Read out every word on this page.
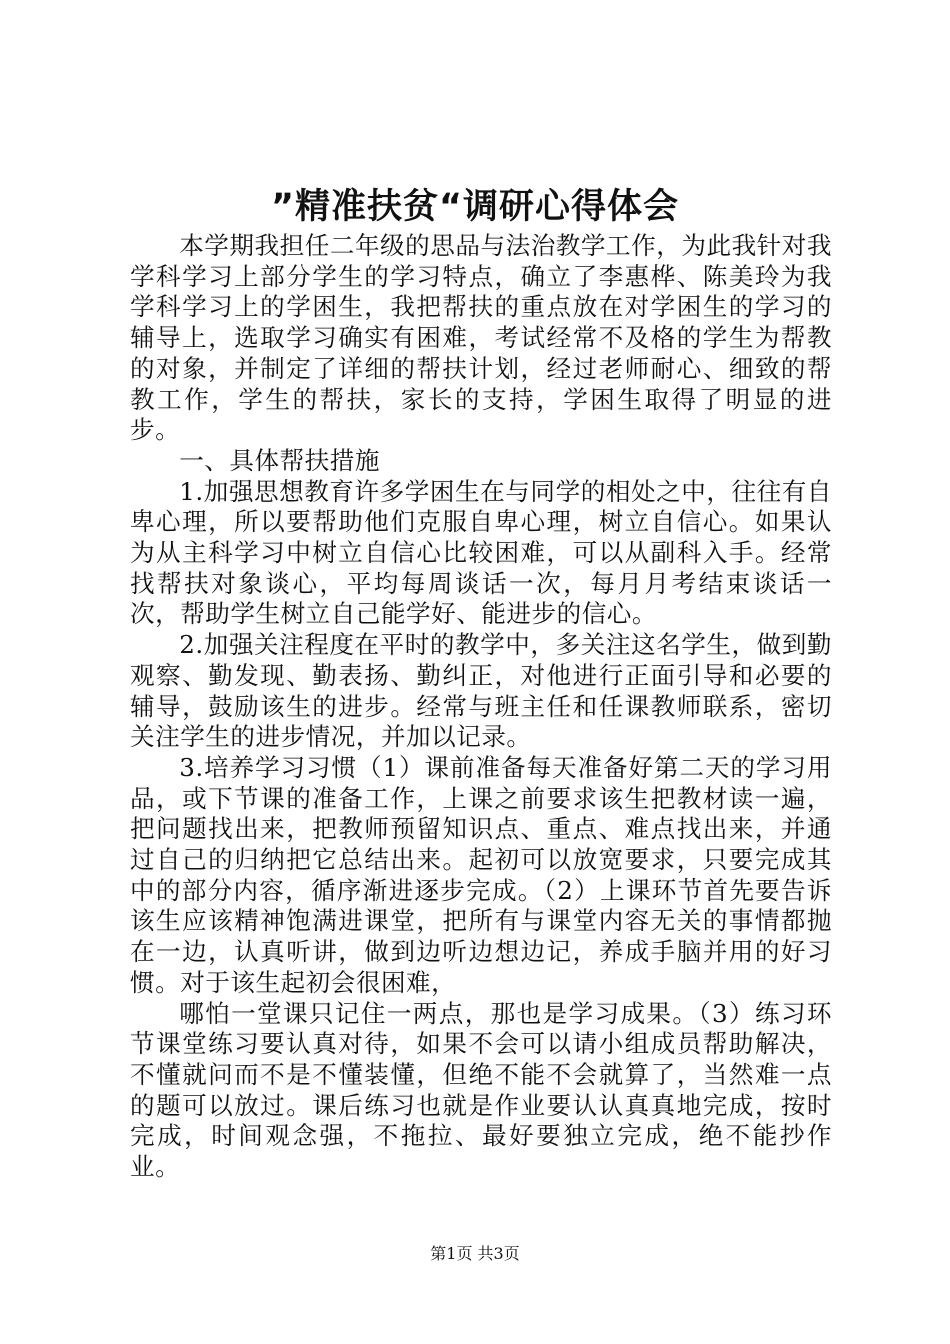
”精准扶贫“调研心得体会

本学期我担任二年级的思品与法治教学工作，为此我针对我学科学习上部分学生的学习特点，确立了李惠桦、陈美玲为我学科学习上的学困生，我把帮扶的重点放在对学困生的学习的辅导上，选取学习确实有困难，考试经常不及格的学生为帮教的对象，并制定了详细的帮扶计划，经过老师耐心、细致的帮教工作，学生的帮扶，家长的支持，学困生取得了明显的进步。

一、具体帮扶措施

1.加强思想教育许多学困生在与同学的相处之中，往往有自卑心理，所以要帮助他们克服自卑心理，树立自信心。如果认为从主科学习中树立自信心比较困难，可以从副科入手。经常找帮扶对象谈心，平均每周谈话一次，每月月考结束谈话一次，帮助学生树立自己能学好、能进步的信心。

2.加强关注程度在平时的教学中，多关注这名学生，做到勤观察、勤发现、勤表扬、勤纠正，对他进行正面引导和必要的辅导，鼓励该生的进步。经常与班主任和任课教师联系，密切关注学生的进步情况，并加以记录。

3.培养学习习惯（1）课前准备每天准备好第二天的学习用品，或下节课的准备工作，上课之前要求该生把教材读一遍，把问题找出来，把教师预留知识点、重点、难点找出来，并通过自己的归纳把它总结出来。起初可以放宽要求，只要完成其中的部分内容，循序渐进逐步完成。（2）上课环节首先要告诉该生应该精神饱满进课堂，把所有与课堂内容无关的事情都抛在一边，认真听讲，做到边听边想边记，养成手脑并用的好习惯。对于该生起初会很困难，

哪怕一堂课只记住一两点，那也是学习成果。（3）练习环节课堂练习要认真对待，如果不会可以请小组成员帮助解决，不懂就问而不是不懂装懂，但绝不能不会就算了，当然难一点的题可以放过。课后练习也就是作业要认认真真地完成，按时完成，时间观念强，不拖拉、最好要独立完成，绝不能抄作业。

第1页 共3页
